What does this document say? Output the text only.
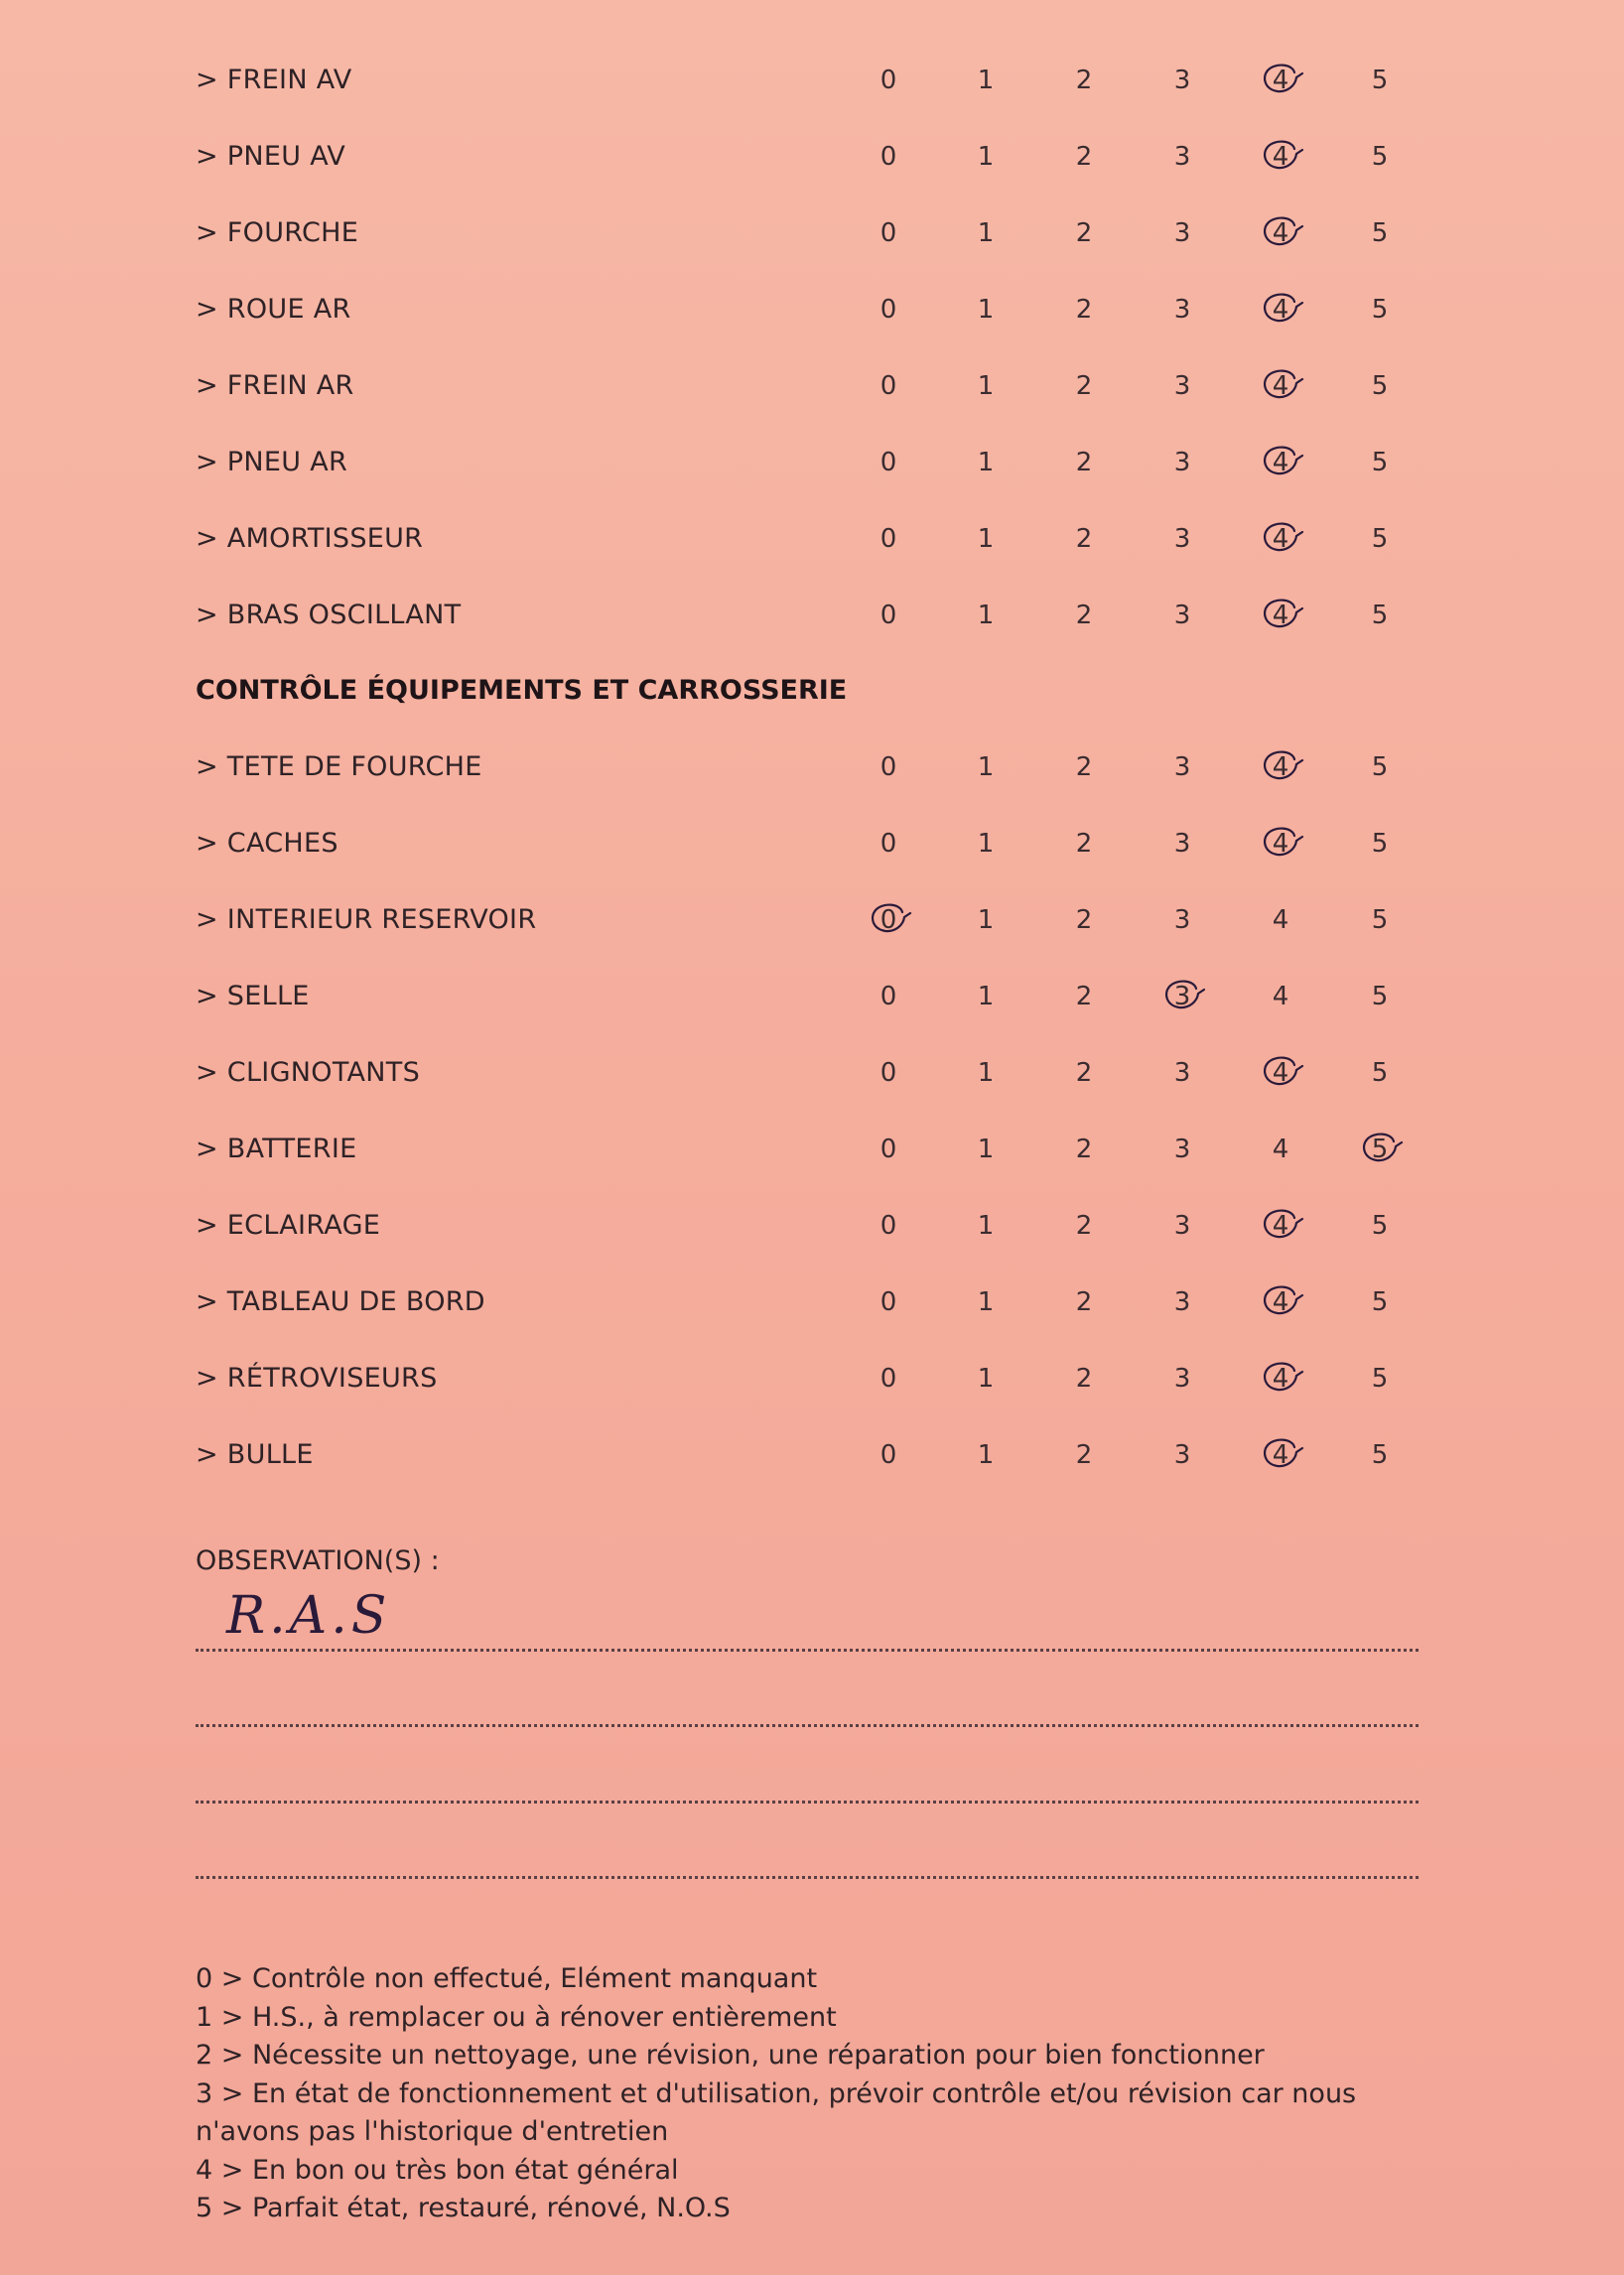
> FREIN AV	0	1	2	3	4	5
> PNEU AV	0	1	2	3	4	5
> FOURCHE	0	1	2	3	4	5
> ROUE AR	0	1	2	3	4	5
> FREIN AR	0	1	2	3	4	5
> PNEU AR	0	1	2	3	4	5
> AMORTISSEUR	0	1	2	3	4	5
> BRAS OSCILLANT	0	1	2	3	4	5
CONTRÔLE ÉQUIPEMENTS ET CARROSSERIE
> TETE DE FOURCHE	0	1	2	3	4	5
> CACHES	0	1	2	3	4	5
> INTERIEUR RESERVOIR	0	1	2	3	4	5
> SELLE	0	1	2	3	4	5
> CLIGNOTANTS	0	1	2	3	4	5
> BATTERIE	0	1	2	3	4	5
> ECLAIRAGE	0	1	2	3	4	5
> TABLEAU DE BORD	0	1	2	3	4	5
> RÉTROVISEURS	0	1	2	3	4	5
> BULLE	0	1	2	3	4	5
OBSERVATION(S) :
R.A.S
0 > Contrôle non effectué, Elément manquant
1 > H.S., à remplacer ou à rénover entièrement
2 > Nécessite un nettoyage, une révision, une réparation pour bien fonctionner
3 > En état de fonctionnement et d'utilisation, prévoir contrôle et/ou révision car nous n'avons pas l'historique d'entretien
4 > En bon ou très bon état général
5 > Parfait état, restauré, rénové, N.O.S
